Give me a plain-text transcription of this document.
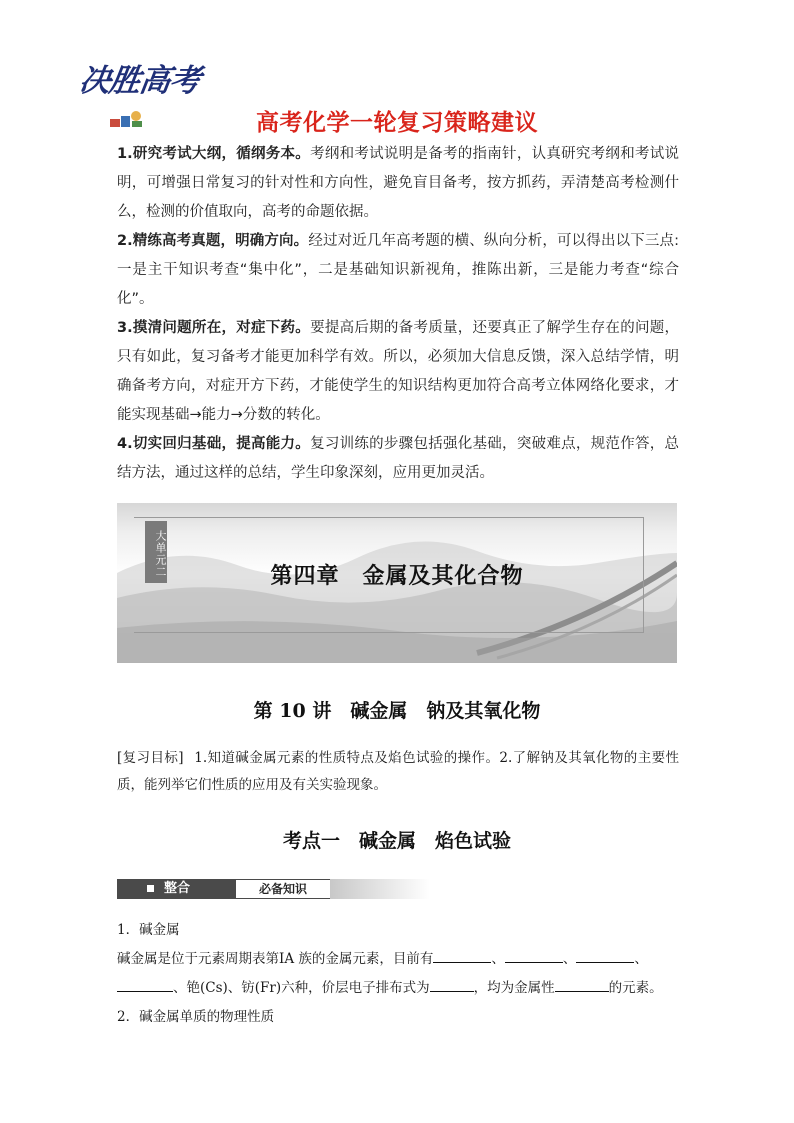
决胜高考
高考化学一轮复习策略建议

1.研究考试大纲，循纲务本。考纲和考试说明是备考的指南针，认真研究考纲和考试说明，可增强日常复习的针对性和方向性，避免盲目备考，按方抓药，弄清楚高考检测什么，检测的价值取向，高考的命题依据。

2.精练高考真题，明确方向。经过对近几年高考题的横、纵向分析，可以得出以下三点:一是主干知识考查“集中化”，二是基础知识新视角，推陈出新，三是能力考查“综合化”。

3.摸清问题所在，对症下药。要提高后期的备考质量，还要真正了解学生存在的问题，只有如此，复习备考才能更加科学有效。所以，必须加大信息反馈，深入总结学情，明确备考方向，对症开方下药，才能使学生的知识结构更加符合高考立体网络化要求，才能实现基础→能力→分数的转化。

4.切实回归基础，提高能力。复习训练的步骤包括强化基础，突破难点，规范作答，总结方法，通过这样的总结，学生印象深刻，应用更加灵活。

大单元二	第四章　金属及其化合物
第 10 讲　碱金属　钠及其氧化物
[复习目标] 1.知道碱金属元素的性质特点及焰色试验的操作。2.了解钠及其氧化物的主要性质，能列举它们性质的应用及有关实验现象。
考点一　碱金属　焰色试验
整合	必备知识

1．碱金属

碱金属是位于元素周期表第ⅠA 族的金属元素，目前有	、	、	、
、铯(Cs)、钫(Fr)六种，价层电子排布式为	，均为金属性	的元素。

2．碱金属单质的物理性质
